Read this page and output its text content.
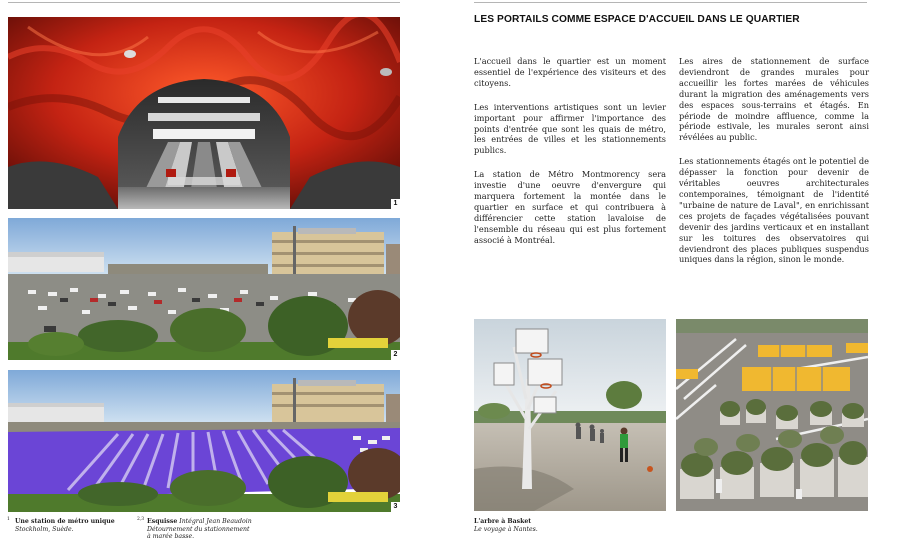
1
2
3
LES PORTAILS COMME ESPACE D'ACCUEIL DANS LE QUARTIER

L'accueil dans le quartier est un moment essentiel de l'expérience des visiteurs et des citoyens.

Les interventions artistiques sont un levier important pour affirmer l'importance des points d'entrée que sont les quais de métro, les entrées de villes et les stationnements publics.

La station de Métro Montmorency sera investie d'une oeuvre d'envergure qui marquera fortement la montée dans le quartier en surface et qui contribuera à différencier cette station lavaloise de l'ensemble du réseau qui est plus fortement associé à Montréal.

Les aires de stationnement de surface deviendront de grandes murales pour accueillir les fortes marées de véhicules durant la migration des aménagements vers des espaces sous-terrains et étagés. En période de moindre affluence, comme la période estivale, les murales seront ainsi révélées au public.

Les stationnements étagés ont le potentiel de dépasser la fonction pour devenir de véritables oeuvres architecturales contemporaines, témoignant de l'identité "urbaine de nature de Laval", en enrichissant ces projets de façades végétalisées pouvant devenir des jardins verticaux et en installant sur les toitures des observatoires qui deviendront des places publiques suspendus uniques dans la région, sinon le monde.

1 Une station de métro unique
Stockholm, Suède.
2,3 Esquisse Intégral Jean Beaudoin
Détournement du stationnement
à marée basse.
L'arbre à Basket
Le voyage à Nantes.
